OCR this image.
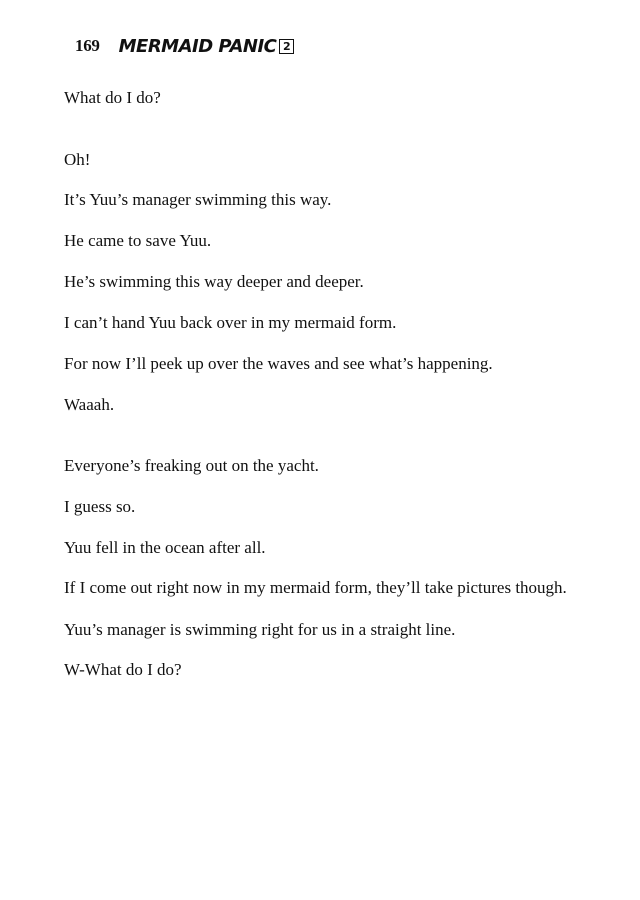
169 MERMAID PANIC 2

What do I do?

Oh!

It’s Yuu’s manager swimming this way.

He came to save Yuu.

He’s swimming this way deeper and deeper.

I can’t hand Yuu back over in my mermaid form.

For now I’ll peek up over the waves and see what’s happening.

Waaah.

Everyone’s freaking out on the yacht.

I guess so.

Yuu fell in the ocean after all.

If I come out right now in my mermaid form, they’ll take pictures though.

Yuu’s manager is swimming right for us in a straight line.

W-What do I do?
